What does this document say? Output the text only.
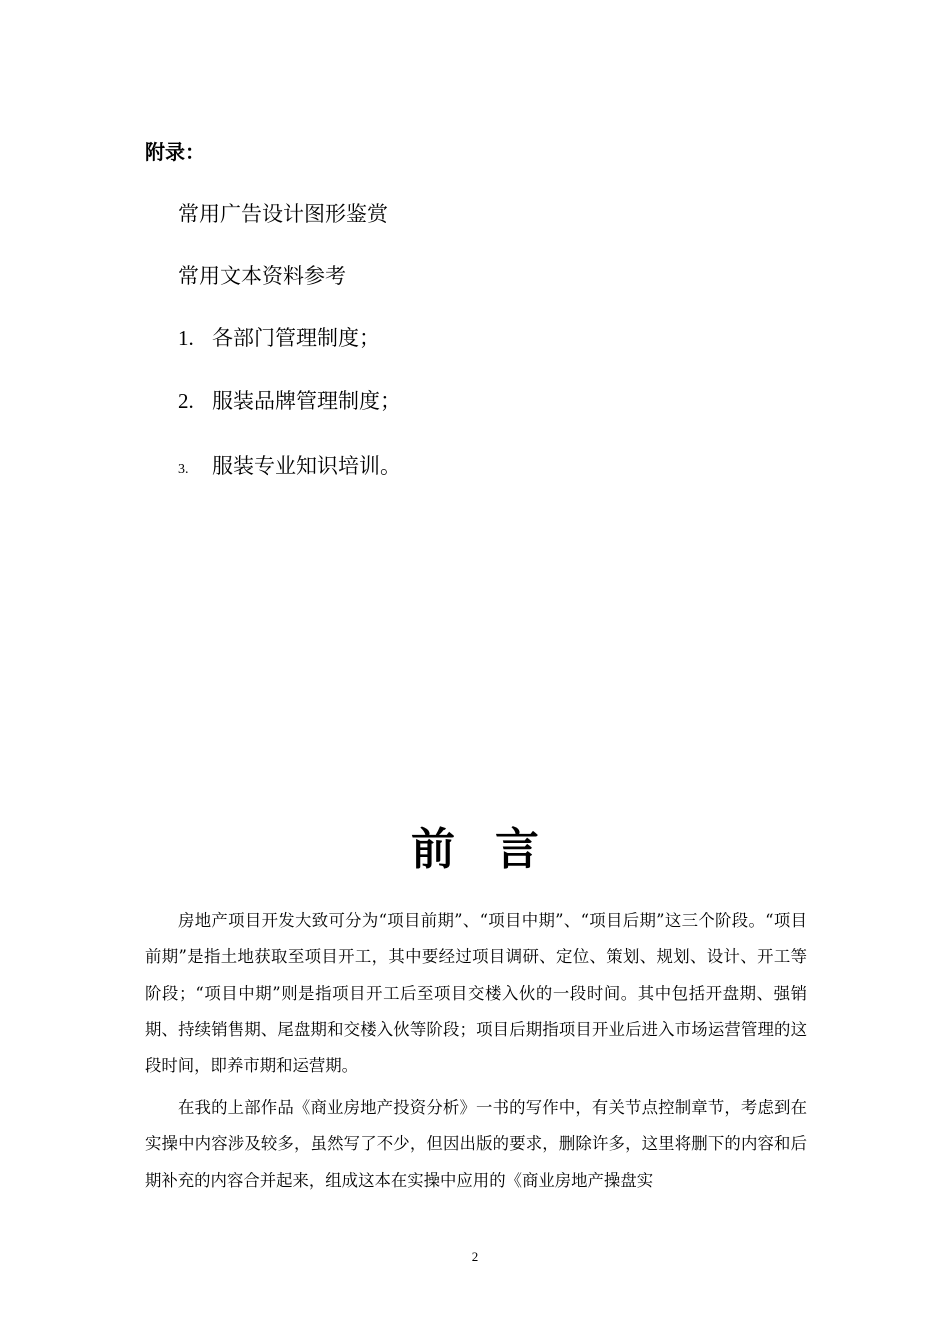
附录：
常用广告设计图形鉴赏
常用文本资料参考
1. 各部门管理制度；
2. 服装品牌管理制度；
3. 服装专业知识培训。
前言

房地产项目开发大致可分为“项目前期”、“项目中期”、“项目后期”这三个阶段。“项目前期”是指土地获取至项目开工，其中要经过项目调研、定位、策划、规划、设计、开工等阶段；“项目中期”则是指项目开工后至项目交楼入伙的一段时间。其中包括开盘期、强销期、持续销售期、尾盘期和交楼入伙等阶段；项目后期指项目开业后进入市场运营管理的这段时间，即养市期和运营期。

在我的上部作品《商业房地产投资分析》一书的写作中，有关节点控制章节，考虑到在实操中内容涉及较多，虽然写了不少，但因出版的要求，删除许多，这里将删下的内容和后期补充的内容合并起来，组成这本在实操中应用的《商业房地产操盘实

2
